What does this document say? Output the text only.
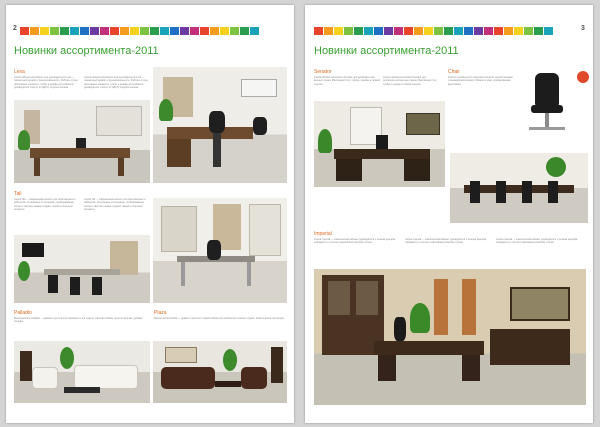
2
Новинки ассортимента-2011
Lexa
Серия кабинетной мебели для руководителей Lexa — лаконичный дизайн и функциональность. Рабочие столы, приставные элементы, тумбы и шкафы для кабинета руководителя. Корпус из ЛДСП, отделка шпоном.
Серия кабинетной мебели для руководителей Lexa — лаконичный дизайн и функциональность. Рабочие столы, приставные элементы, тумбы и шкафы для кабинета руководителя. Корпус из ЛДСП, отделка шпоном.
Tali
Серия Tali — современная мебель для переговорных и кабинетов. Стеклянные столешницы, хромированные опоры и светлые шкафы создают лёгкий и открытый интерьер.
Серия Tali — современная мебель для переговорных и кабинетов. Стеклянные столешницы, хромированные опоры и светлые шкафы создают лёгкий и открытый интерьер.
Palladio
Мягкая мебель Palladio — диваны и кресла для приёмных и зон отдыха. Светлая обивка, простые формы, удобная посадка.
Plaza
Мягкая мебель Plaza — диваны и кресла в тёмной обивке для кабинетов и комнат отдыха. Классические пропорции.
3
Новинки ассортимента-2011
Senator
Серия кабинетной мебели Senator для руководителей высшего звена. Массивный стол, тумбы и шкафы в тёмной отделке.
Серия кабинетной мебели Senator для руководителей высшего звена. Массивный стол, тумбы и шкафы в тёмной отделке.
Chair
Кресло руководителя с высокой спинкой, подлокотниками и механизмом качания. Обивка из кожи, хромированная крестовина.
Imperial
Серия Imperial — классический кабинет руководителя с резным декором, шкафами со стеклом и массивным рабочим столом.
Серия Imperial — классический кабинет руководителя с резным декором, шкафами со стеклом и массивным рабочим столом.
Серия Imperial — классический кабинет руководителя с резным декором, шкафами со стеклом и массивным рабочим столом.
